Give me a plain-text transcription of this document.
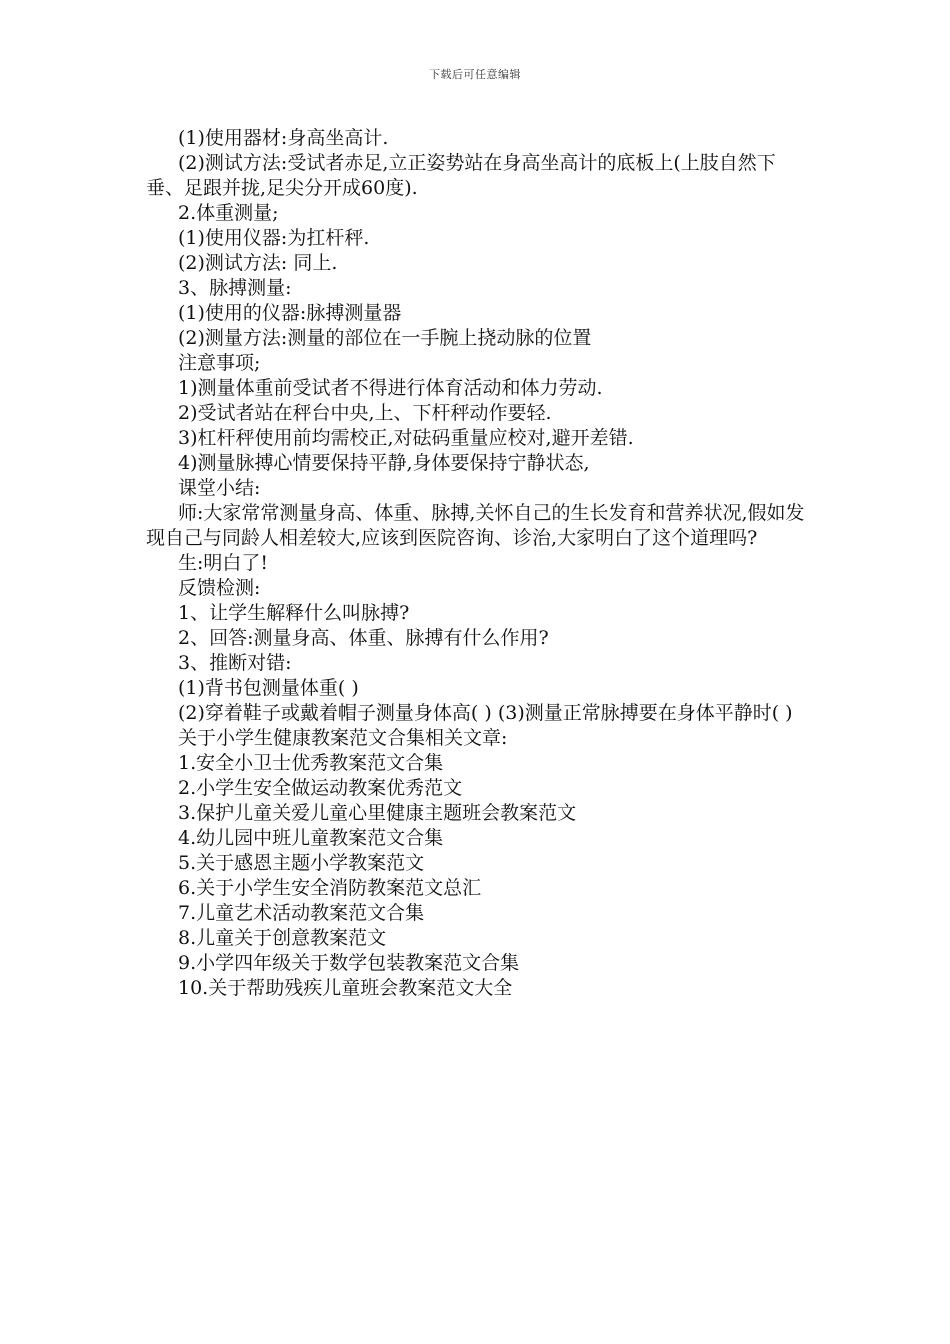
下载后可任意编辑

(1)使用器材:身高坐高计.

(2)测试方法:受试者赤足,立正姿势站在身高坐高计的底板上(上肢自然下垂、足跟并拢,足尖分开成60度).

2.体重测量;

(1)使用仪器:为扛杆秤.

(2)测试方法: 同上.

3、脉搏测量:

(1)使用的仪器:脉搏测量器

(2)测量方法:测量的部位在一手腕上挠动脉的位置

注意事项;

1)测量体重前受试者不得进行体育活动和体力劳动.

2)受试者站在秤台中央,上、下杆秤动作要轻.

3)杠杆秤使用前均需校正,对砝码重量应校对,避开差错.

4)测量脉搏心情要保持平静,身体要保持宁静状态,

课堂小结:

师:大家常常测量身高、体重、脉搏,关怀自己的生长发育和营养状况,假如发现自己与同龄人相差较大,应该到医院咨询、诊治,大家明白了这个道理吗?

生:明白了!

反馈检测:

1、让学生解释什么叫脉搏?

2、回答:测量身高、体重、脉搏有什么作用?

3、推断对错:

(1)背书包测量体重( )

(2)穿着鞋子或戴着帽子测量身体高( ) (3)测量正常脉搏要在身体平静时( )

关于小学生健康教案范文合集相关文章:

1.安全小卫士优秀教案范文合集

2.小学生安全做运动教案优秀范文

3.保护儿童关爱儿童心里健康主题班会教案范文

4.幼儿园中班儿童教案范文合集

5.关于感恩主题小学教案范文

6.关于小学生安全消防教案范文总汇

7.儿童艺术活动教案范文合集

8.儿童关于创意教案范文

9.小学四年级关于数学包装教案范文合集

10.关于帮助残疾儿童班会教案范文大全
